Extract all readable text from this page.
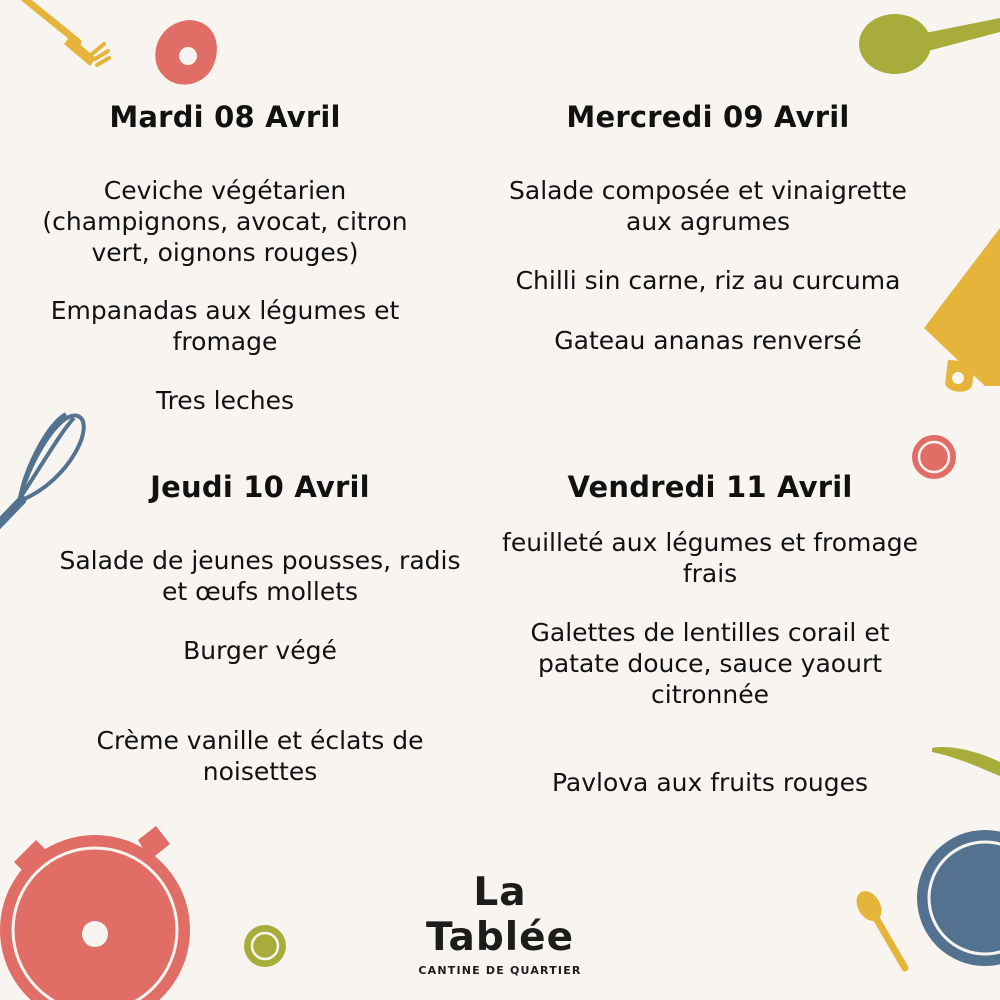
Mardi 08 Avril
Ceviche végétarien
(champignons, avocat, citron
vert, oignons rouges)
Empanadas aux légumes et
fromage
Tres leches
Mercredi 09 Avril
Salade composée et vinaigrette
aux agrumes
Chilli sin carne, riz au curcuma
Gateau ananas renversé
Jeudi 10 Avril
Salade de jeunes pousses, radis
et œufs mollets
Burger végé
Crème vanille et éclats de
noisettes
Vendredi 11 Avril
feuilleté aux légumes et fromage
frais
Galettes de lentilles corail et
patate douce, sauce yaourt
citronnée
Pavlova aux fruits rouges
La Tablée
CANTINE DE QUARTIER
